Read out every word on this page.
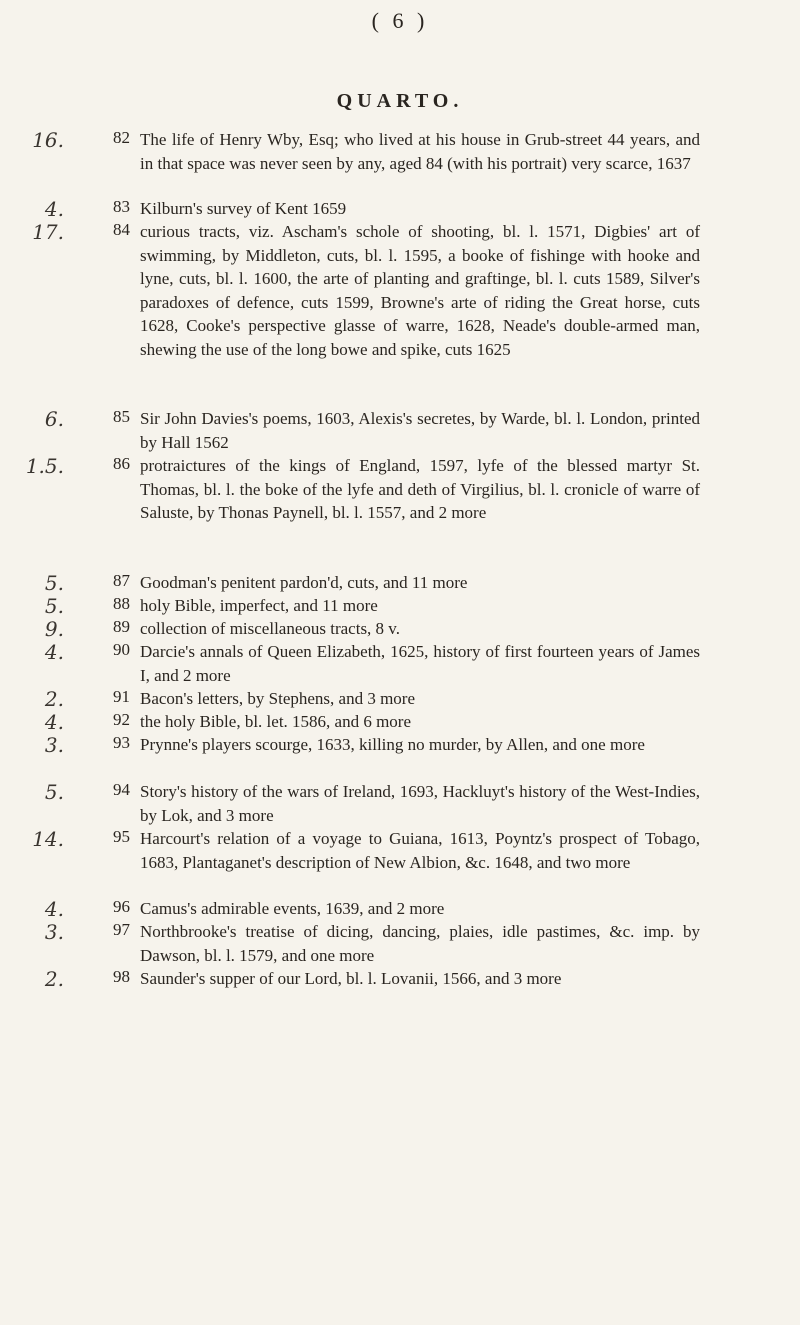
( 6 )
QUARTO.
16.	82 The life of Henry Wby, Esq; who lived at his house in Grub-street 44 years, and in that space was never seen by any, aged 84 (with his portrait) very scarce, 1637
4.	83 Kilburn's survey of Kent 1659
17.	84 curious tracts, viz. Ascham's schole of shooting, bl. l. 1571, Digbies' art of swimming, by Middleton, cuts, bl. l. 1595, a booke of fishinge with hooke and lyne, cuts, bl. l. 1600, the arte of planting and graftinge, bl. l. cuts 1589, Silver's paradoxes of defence, cuts 1599, Browne's arte of riding the Great horse, cuts 1628, Cooke's perspective glasse of warre, 1628, Neade's double-armed man, shewing the use of the long bowe and spike, cuts 1625
6.	85 Sir John Davies's poems, 1603, Alexis's secretes, by Warde, bl. l. London, printed by Hall 1562
1.5.	86 protraictures of the kings of England, 1597, lyfe of the blessed martyr St. Thomas, bl. l. the boke of the lyfe and deth of Virgilius, bl. l. cronicle of warre of Saluste, by Thonas Paynell, bl. l. 1557, and 2 more
5.	87 Goodman's penitent pardon'd, cuts, and 11 more
5.	88 holy Bible, imperfect, and 11 more
9.	89 collection of miscellaneous tracts, 8 v.
4.	90 Darcie's annals of Queen Elizabeth, 1625, history of first fourteen years of James I, and 2 more
2.	91 Bacon's letters, by Stephens, and 3 more
4.	92 the holy Bible, bl. let. 1586, and 6 more
3.	93 Prynne's players scourge, 1633, killing no murder, by Allen, and one more
5.	94 Story's history of the wars of Ireland, 1693, Hackluyt's history of the West-Indies, by Lok, and 3 more
14.	95 Harcourt's relation of a voyage to Guiana, 1613, Poyntz's prospect of Tobago, 1683, Plantaganet's description of New Albion, &c. 1648, and two more
4.	96 Camus's admirable events, 1639, and 2 more
3.	97 Northbrooke's treatise of dicing, dancing, plaies, idle pastimes, &c. imp. by Dawson, bl. l. 1579, and one more
2.	98 Saunder's supper of our Lord, bl. l. Lovanii, 1566, and 3 more
